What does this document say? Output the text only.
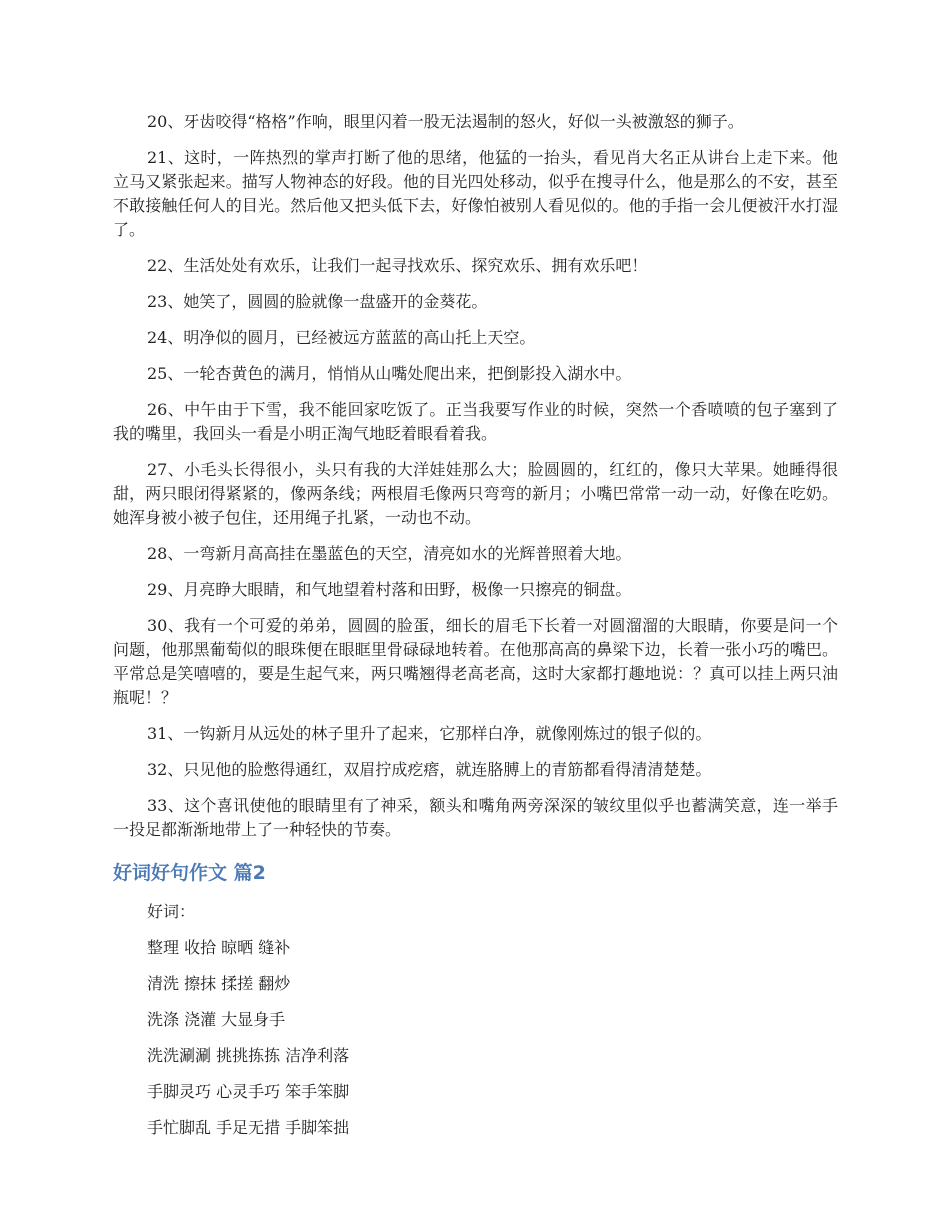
20、牙齿咬得“格格”作响，眼里闪着一股无法遏制的怒火，好似一头被激怒的狮子。

21、这时，一阵热烈的掌声打断了他的思绪，他猛的一抬头，看见肖大名正从讲台上走下来。他立马又紧张起来。描写人物神态的好段。他的目光四处移动，似乎在搜寻什么，他是那么的不安，甚至不敢接触任何人的目光。然后他又把头低下去，好像怕被别人看见似的。他的手指一会儿便被汗水打湿了。

22、生活处处有欢乐，让我们一起寻找欢乐、探究欢乐、拥有欢乐吧！

23、她笑了，圆圆的脸就像一盘盛开的金葵花。

24、明净似的圆月，已经被远方蓝蓝的高山托上天空。

25、一轮杏黄色的满月，悄悄从山嘴处爬出来，把倒影投入湖水中。

26、中午由于下雪，我不能回家吃饭了。正当我要写作业的时候，突然一个香喷喷的包子塞到了我的嘴里，我回头一看是小明正淘气地眨着眼看着我。

27、小毛头长得很小，头只有我的大洋娃娃那么大；脸圆圆的，红红的，像只大苹果。她睡得很甜，两只眼闭得紧紧的，像两条线；两根眉毛像两只弯弯的新月；小嘴巴常常一动一动，好像在吃奶。她浑身被小被子包住，还用绳子扎紧，一动也不动。

28、一弯新月高高挂在墨蓝色的天空，清亮如水的光辉普照着大地。

29、月亮睁大眼睛，和气地望着村落和田野，极像一只擦亮的铜盘。

30、我有一个可爱的弟弟，圆圆的脸蛋，细长的眉毛下长着一对圆溜溜的大眼睛，你要是问一个问题，他那黑葡萄似的眼珠便在眼眶里骨碌碌地转着。在他那高高的鼻梁下边，长着一张小巧的嘴巴。平常总是笑嘻嘻的，要是生起气来，两只嘴翘得老高老高，这时大家都打趣地说：？真可以挂上两只油瓶呢！？

31、一钩新月从远处的林子里升了起来，它那样白净，就像刚炼过的银子似的。

32、只见他的脸憋得通红，双眉拧成疙瘩，就连胳膊上的青筋都看得清清楚楚。

33、这个喜讯使他的眼睛里有了神采，额头和嘴角两旁深深的皱纹里似乎也蓄满笑意，连一举手一投足都渐渐地带上了一种轻快的节奏。

好词好句作文 篇2

好词：

整理 收拾 晾晒 缝补

清洗 擦抹 揉搓 翻炒

洗涤 浇灌 大显身手

洗洗涮涮 挑挑拣拣 洁净利落

手脚灵巧 心灵手巧 笨手笨脚

手忙脚乱 手足无措 手脚笨拙
